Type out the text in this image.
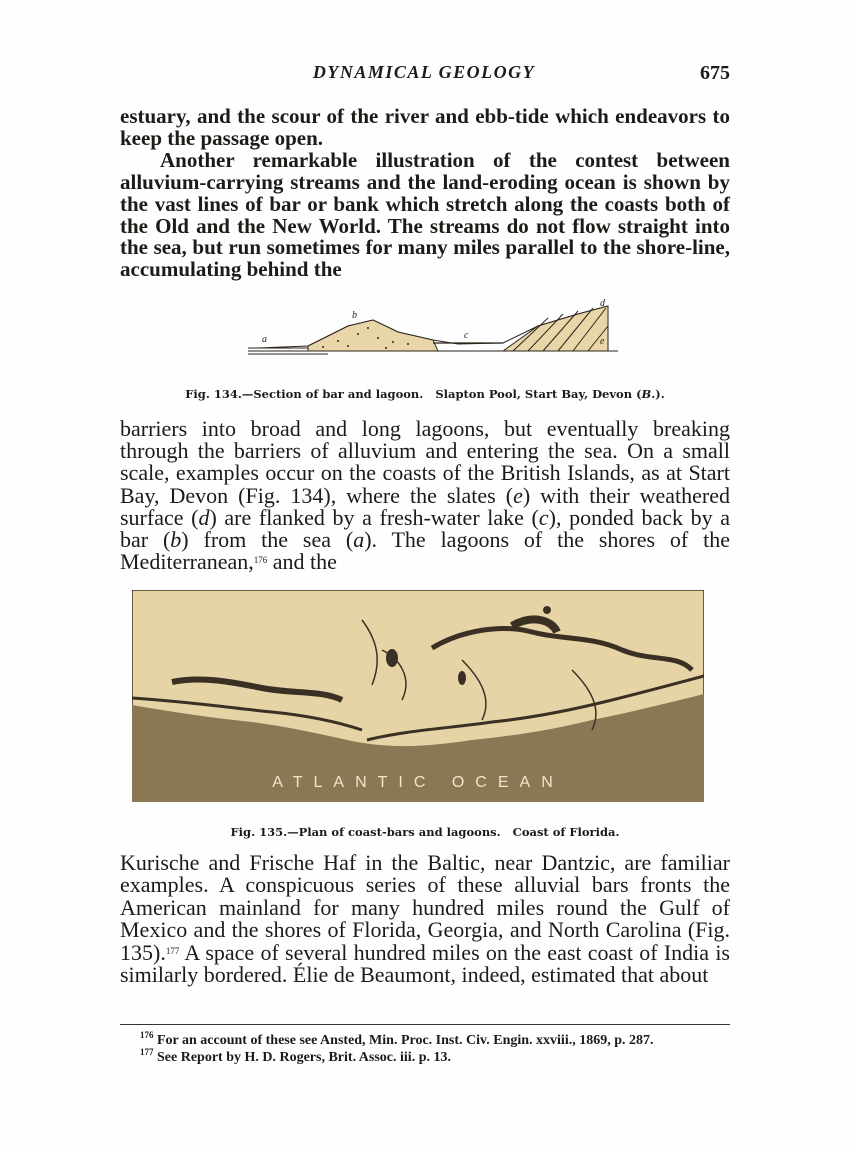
DYNAMICAL GEOLOGY	675

estuary, and the scour of the river and ebb-tide which endeavors to keep the passage open.

Another remarkable illustration of the contest between alluvium-carrying streams and the land-eroding ocean is shown by the vast lines of bar or bank which stretch along the coasts both of the Old and the New World. The streams do not flow straight into the sea, but run sometimes for many miles parallel to the shore-line, accumulating behind the

a
b
c
d
e
Fig. 134.—Section of bar and lagoon. Slapton Pool, Start Bay, Devon (B.).

barriers into broad and long lagoons, but eventually breaking through the barriers of alluvium and entering the sea. On a small scale, examples occur on the coasts of the British Islands, as at Start Bay, Devon (Fig. 134), where the slates (e) with their weathered surface (d) are flanked by a fresh-water lake (c), ponded back by a bar (b) from the sea (a). The lagoons of the shores of the Mediterranean,$^{176}$ and the

ATLANTIC OCEAN
Fig. 135.—Plan of coast-bars and lagoons. Coast of Florida.

Kurische and Frische Haf in the Baltic, near Dantzic, are familiar examples. A conspicuous series of these alluvial bars fronts the American mainland for many hundred miles round the Gulf of Mexico and the shores of Florida, Georgia, and North Carolina (Fig. 135).$^{177}$ A space of several hundred miles on the east coast of India is similarly bordered. Élie de Beaumont, indeed, estimated that about

$^{176}$ For an account of these see Ansted, Min. Proc. Inst. Civ. Engin. xxviii., 1869, p. 287.
$^{177}$ See Report by H. D. Rogers, Brit. Assoc. iii. p. 13.
